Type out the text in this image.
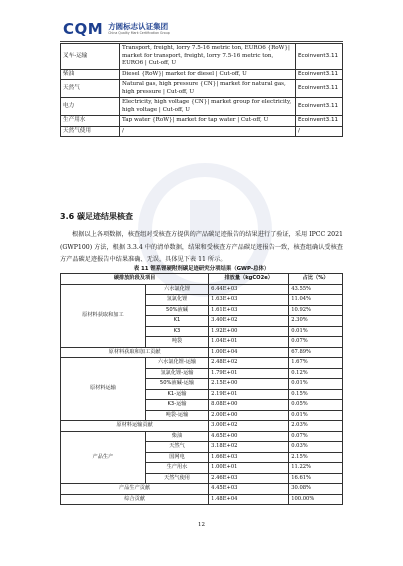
CQM 方圆标志认证集团
China Quality Mark Certification Group
叉车-运输	Transport, freight, lorry 7.5-16 metric ton, EURO6 {RoW}| market for transport, freight, lorry 7.5-16 metric ton, EURO6 | Cut-off, U	Ecoinvent3.11
柴油	Diesel {RoW}| market for diesel | Cut-off, U	Ecoinvent3.11
天然气	Natural gas, high pressure {CN}| market for natural gas, high pressure | Cut-off, U	Ecoinvent3.11
电力	Electricity, high voltage {CN}| market group for electricity, high voltage | Cut-off, U	Ecoinvent3.11
生产用水	Tap water {RoW}| market for tap water | Cut-off, U	Ecoinvent3.11
天然气使用	/	/
3.6 碳足迹结果核查
根据以上各项数据，核查组对受核查方提供的产品碳足迹报告的结果进行了验证，采用 IPCC 2021 (GWP100) 方法，根据 3.3.4 中的清单数据，结果和受核查方产品碳足迹报告一致，核查组确认受核查方产品碳足迹报告中结果准确、无误，具体见下表 11 所示。
表 11 锂系锂硬附剂碳足迹研究分项结果（GWP-总体）
碳排放阶段及项目		排放量（kgCO2e）	占比（%）
原材料获取和加工	六水氯化锂	6.44E+03	43.55%
	氢氯化锂	1.63E+03	11.04%
	50%液碱	1.61E+03	10.92%
	K1	3.40E+02	2.30%
	K3	1.92E+00	0.01%
	吨袋	1.04E+01	0.07%
原材料获取和加工贡献		1.00E+04	67.89%
原材料运输	六水氯化锂-运输	2.48E+02	1.67%
	氢氯化锂-运输	1.79E+01	0.12%
	50%液碱-运输	2.15E+00	0.01%
	K1-运输	2.19E+01	0.15%
	K3-运输	8.08E+00	0.05%
	吨袋-运输	2.00E+00	0.01%
原材料运输贡献		3.00E+02	2.03%
产品生产	柴油	4.65E+00	0.07%
	天然气	3.18E+02	0.03%
	国网电	1.66E+03	2.15%
	生产用水	1.00E+01	11.22%
	天然气使用	2.46E+03	16.61%
产品生产贡献		4.45E+03	30.08%
综合贡献		1.48E+04	100.00%
12
